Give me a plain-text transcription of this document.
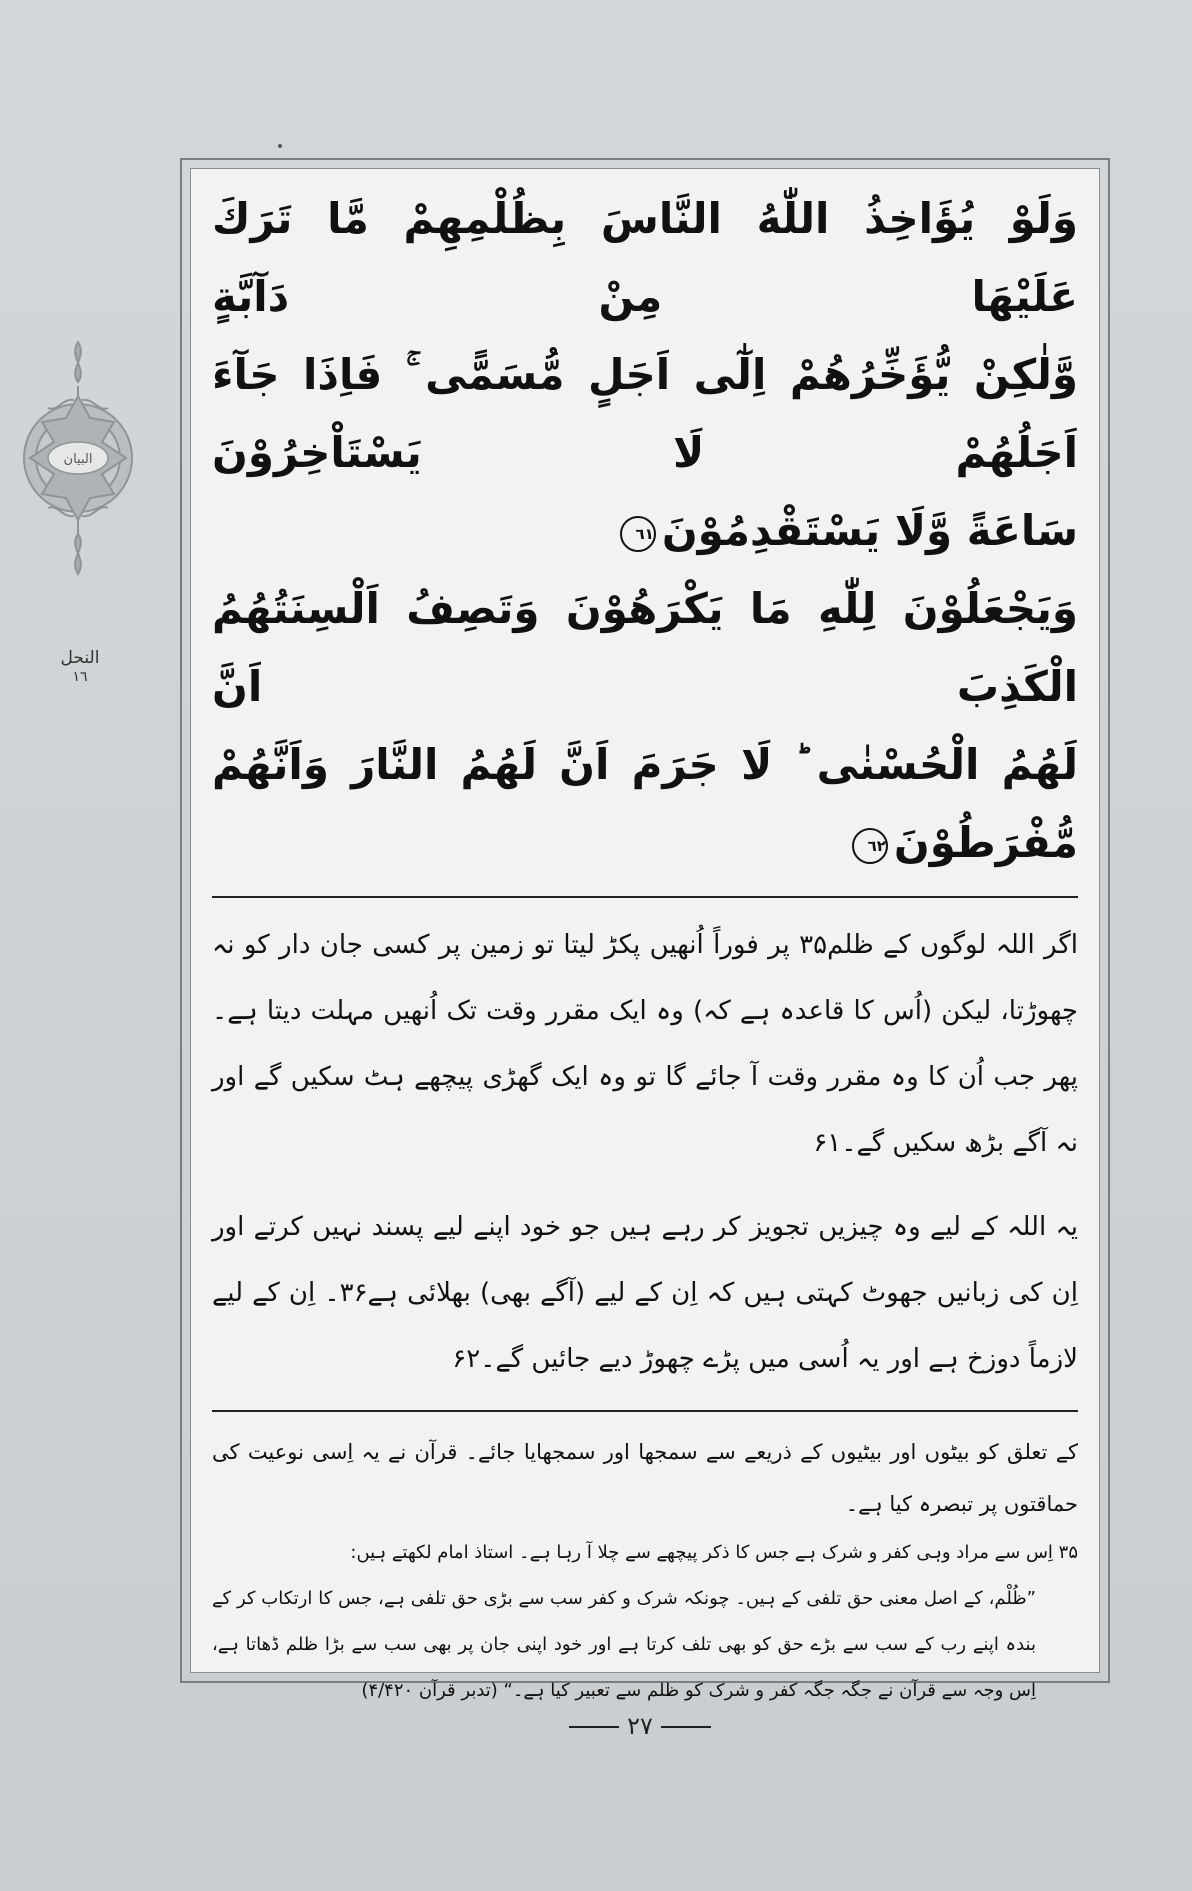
البیان
النحل
١٦

وَلَوْ يُؤَاخِذُ اللّٰهُ النَّاسَ بِظُلْمِهِمْ مَّا تَرَكَ عَلَيْهَا مِنْ دَآبَّةٍ

وَّلٰكِنْ يُّؤَخِّرُهُمْ اِلٰٓى اَجَلٍ مُّسَمًّى ۚ فَاِذَا جَآءَ اَجَلُهُمْ لَا يَسْتَاْخِرُوْنَ

سَاعَةً وَّلَا يَسْتَقْدِمُوْنَ٦١

وَيَجْعَلُوْنَ لِلّٰهِ مَا يَكْرَهُوْنَ وَتَصِفُ اَلْسِنَتُهُمُ الْكَذِبَ اَنَّ

لَهُمُ الْحُسْنٰى ؕ لَا جَرَمَ اَنَّ لَهُمُ النَّارَ وَاَنَّهُمْ مُّفْرَطُوْنَ٦٢

اگر اللہ لوگوں کے ظلم۳۵ پر فوراً اُنھیں پکڑ لیتا تو زمین پر کسی جان دار کو نہ چھوڑتا، لیکن (اُس کا قاعدہ ہے کہ) وہ ایک مقرر وقت تک اُنھیں مہلت دیتا ہے۔ پھر جب اُن کا وہ مقرر وقت آ جائے گا تو وہ ایک گھڑی پیچھے ہٹ سکیں گے اور نہ آگے بڑھ سکیں گے۔۶۱

یہ اللہ کے لیے وہ چیزیں تجویز کر رہے ہیں جو خود اپنے لیے پسند نہیں کرتے اور اِن کی زبانیں جھوٹ کہتی ہیں کہ اِن کے لیے (آگے بھی) بھلائی ہے۳۶۔ اِن کے لیے لازماً دوزخ ہے اور یہ اُسی میں پڑے چھوڑ دیے جائیں گے۔۶۲

کے تعلق کو بیٹوں اور بیٹیوں کے ذریعے سے سمجھا اور سمجھایا جائے۔ قرآن نے یہ اِسی نوعیت کی حماقتوں پر تبصرہ کیا ہے۔

۳۵ اِس سے مراد وہی کفر و شرک ہے جس کا ذکر پیچھے سے چلا آ رہا ہے۔ استاذ امام لکھتے ہیں:

”ظُلْم، کے اصل معنی حق تلفی کے ہیں۔ چونکہ شرک و کفر سب سے بڑی حق تلفی ہے، جس کا ارتکاب کر کے بندہ اپنے رب کے سب سے بڑے حق کو بھی تلف کرتا ہے اور خود اپنی جان پر بھی سب سے بڑا ظلم ڈھاتا ہے، اِس وجہ سے قرآن نے جگہ جگہ کفر و شرک کو ظلم سے تعبیر کیا ہے۔“ (تدبر قرآن ۴/۴۲۰)

۲۷
